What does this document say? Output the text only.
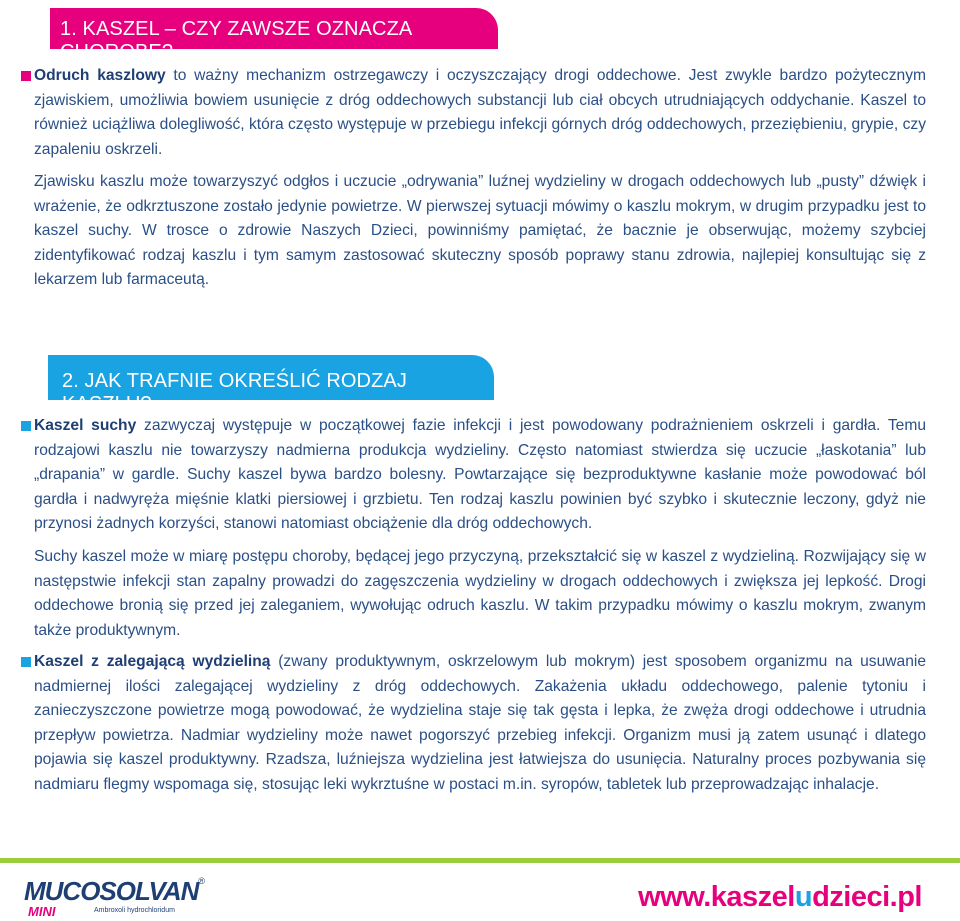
1. KASZEL – CZY ZAWSZE OZNACZA CHOROBĘ?
Odruch kaszlowy to ważny mechanizm ostrzegawczy i oczyszczający drogi oddechowe. Jest zwykle bardzo pożytecznym zjawiskiem, umożliwia bowiem usunięcie z dróg oddechowych substancji lub ciał obcych utrudniających oddychanie. Kaszel to również uciążliwa dolegliwość, która często występuje w przebiegu infekcji górnych dróg oddechowych, przeziębieniu, grypie, czy zapaleniu oskrzeli.
Zjawisku kaszlu może towarzyszyć odgłos i uczucie „odrywania” luźnej wydzieliny w drogach oddechowych lub „pusty” dźwięk i wrażenie, że odkrztuszone zostało jedynie powietrze. W pierwszej sytuacji mówimy o kaszlu mokrym, w drugim przypadku jest to kaszel suchy. W trosce o zdrowie Naszych Dzieci, powinniśmy pamiętać, że bacznie je obserwując, możemy szybciej zidentyfikować rodzaj kaszlu i tym samym zastosować skuteczny sposób poprawy stanu zdrowia, najlepiej konsultując się z lekarzem lub farmaceutą.
2. JAK TRAFNIE OKREŚLIĆ RODZAJ KASZLU?
Kaszel suchy zazwyczaj występuje w początkowej fazie infekcji i jest powodowany podrażnieniem oskrzeli i gardła. Temu rodzajowi kaszlu nie towarzyszy nadmierna produkcja wydzieliny. Często natomiast stwierdza się uczucie „łaskotania” lub „drapania” w gardle. Suchy kaszel bywa bardzo bolesny. Powtarzające się bezproduktywne kasłanie może powodować ból gardła i nadwyręża mięśnie klatki piersiowej i grzbietu. Ten rodzaj kaszlu powinien być szybko i skutecznie leczony, gdyż nie przynosi żadnych korzyści, stanowi natomiast obciążenie dla dróg oddechowych.
Suchy kaszel może w miarę postępu choroby, będącej jego przyczyną, przekształcić się w kaszel z wydzieliną. Rozwijający się w następstwie infekcji stan zapalny prowadzi do zagęszczenia wydzieliny w drogach oddechowych i zwiększa jej lepkość. Drogi oddechowe bronią się przed jej zaleganiem, wywołując odruch kaszlu. W takim przypadku mówimy o kaszlu mokrym, zwanym także produktywnym.
Kaszel z zalegającą wydzieliną (zwany produktywnym, oskrzelowym lub mokrym) jest sposobem organizmu na usuwanie nadmiernej ilości zalegającej wydzieliny z dróg oddechowych. Zakażenia układu oddechowego, palenie tytoniu i zanieczyszczone powietrze mogą powodować, że wydzielina staje się tak gęsta i lepka, że zwęża drogi oddechowe i utrudnia przepływ powietrza. Nadmiar wydzieliny może nawet pogorszyć przebieg infekcji. Organizm musi ją zatem usunąć i dlatego pojawia się kaszel produktywny. Rzadsza, luźniejsza wydzielina jest łatwiejsza do usunięcia. Naturalny proces pozbywania się nadmiaru flegmy wspomaga się, stosując leki wykrztuśne w postaci m.in. syropów, tabletek lub przeprowadzając inhalacje.
MUCOSOLVAN®
MINI	Ambroxoli hydrochloridum	www.kaszeludzieci.pl
